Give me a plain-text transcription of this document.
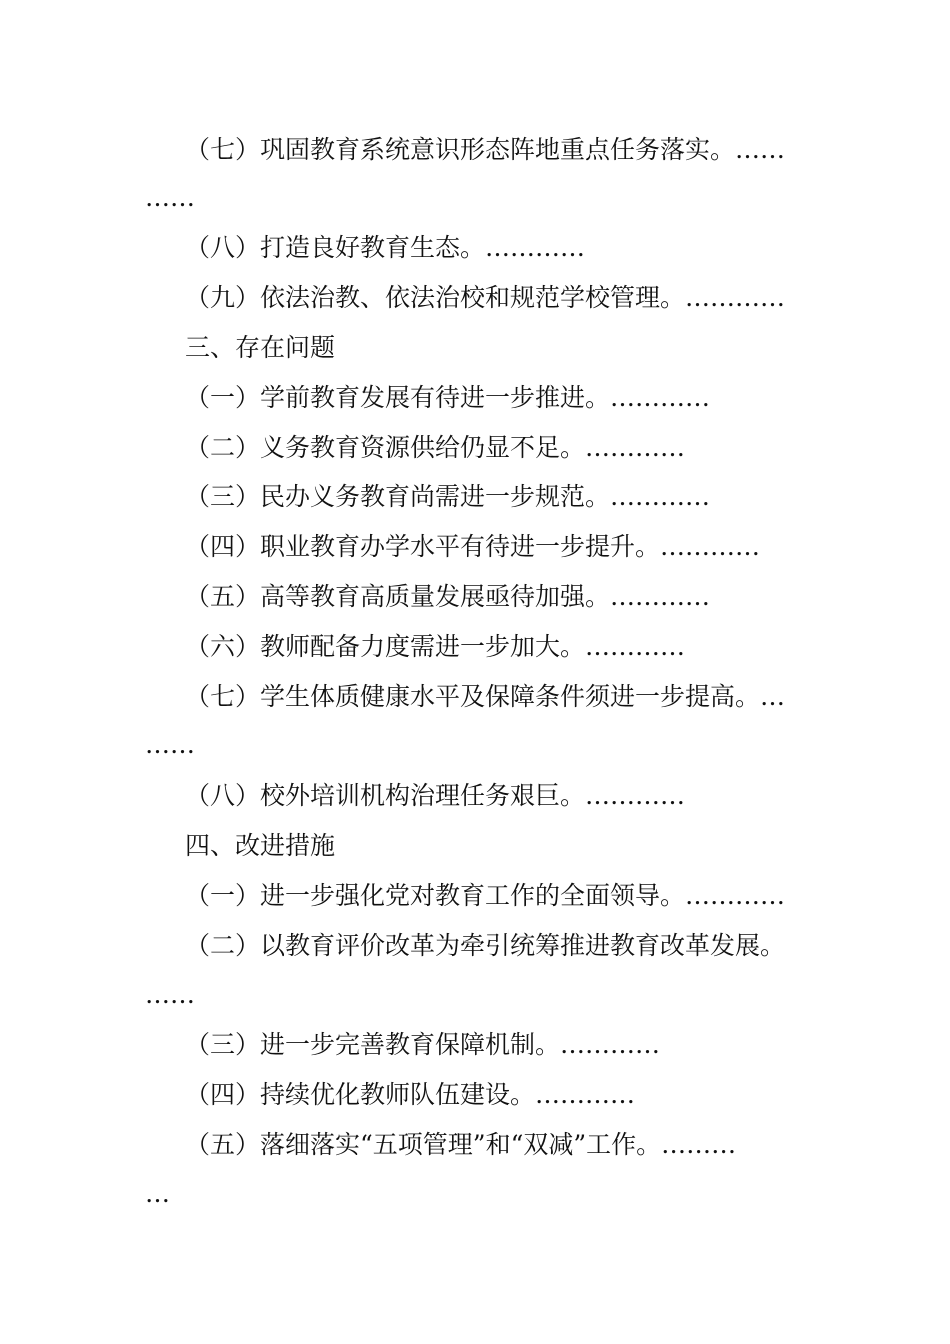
（七）巩固教育系统意识形态阵地重点任务落实。……
……
（八）打造良好教育生态。…………
（九）依法治教、依法治校和规范学校管理。…………
三、存在问题
（一）学前教育发展有待进一步推进。…………
（二）义务教育资源供给仍显不足。…………
（三）民办义务教育尚需进一步规范。…………
（四）职业教育办学水平有待进一步提升。…………
（五）高等教育高质量发展亟待加强。…………
（六）教师配备力度需进一步加大。…………
（七）学生体质健康水平及保障条件须进一步提高。…
……
（八）校外培训机构治理任务艰巨。…………
四、改进措施
（一）进一步强化党对教育工作的全面领导。…………
（二）以教育评价改革为牵引统筹推进教育改革发展。
……
（三）进一步完善教育保障机制。…………
（四）持续优化教师队伍建设。…………
（五）落细落实“五项管理”和“双减”工作。………
…
